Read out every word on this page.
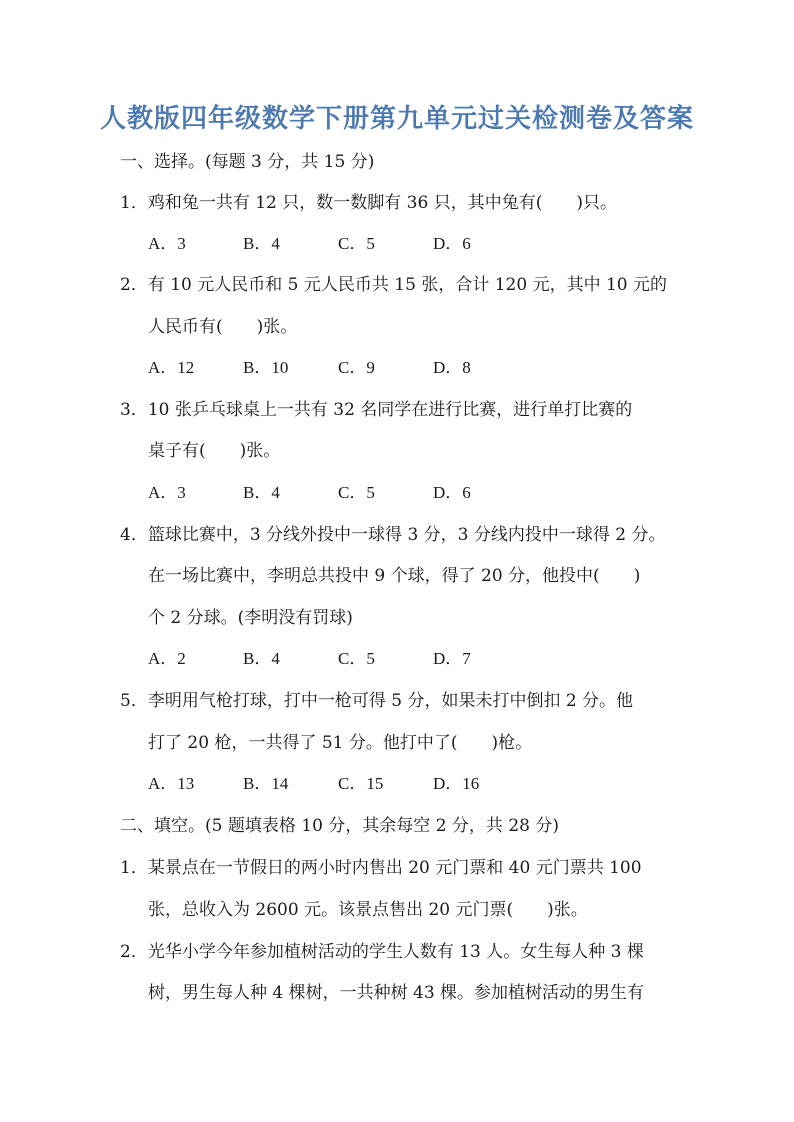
人教版四年级数学下册第九单元过关检测卷及答案
一、选择。(每题 3 分，共 15 分)
1．鸡和兔一共有 12 只，数一数脚有 36 只，其中兔有(　　)只。
A．3	B．4	C．5	D．6
2．有 10 元人民币和 5 元人民币共 15 张，合计 120 元，其中 10 元的
人民币有(　　)张。
A．12	B．10	C．9	D．8
3．10 张乒乓球桌上一共有 32 名同学在进行比赛，进行单打比赛的
桌子有(　　)张。
A．3	B．4	C．5	D．6
4．篮球比赛中，3 分线外投中一球得 3 分，3 分线内投中一球得 2 分。
在一场比赛中，李明总共投中 9 个球，得了 20 分，他投中(　　)
个 2 分球。(李明没有罚球)
A．2	B．4	C．5	D．7
5．李明用气枪打球，打中一枪可得 5 分，如果未打中倒扣 2 分。他
打了 20 枪，一共得了 51 分。他打中了(　　)枪。
A．13	B．14	C．15	D．16
二、填空。(5 题填表格 10 分，其余每空 2 分，共 28 分)
1．某景点在一节假日的两小时内售出 20 元门票和 40 元门票共 100
张，总收入为 2600 元。该景点售出 20 元门票(　　)张。
2．光华小学今年参加植树活动的学生人数有 13 人。女生每人种 3 棵
树，男生每人种 4 棵树，一共种树 43 棵。参加植树活动的男生有
